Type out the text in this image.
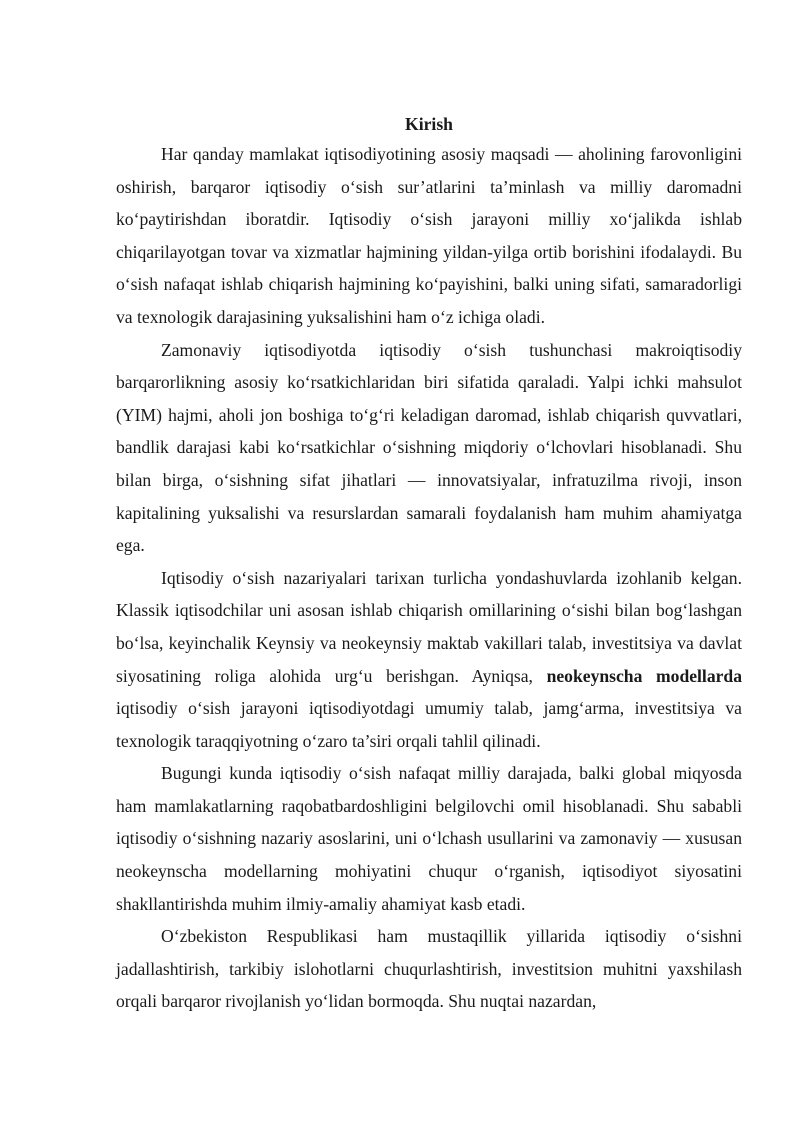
Kirish

Har qanday mamlakat iqtisodiyotining asosiy maqsadi — aholining farovonligini oshirish, barqaror iqtisodiy o‘sish sur’atlarini ta’minlash va milliy daromadni ko‘paytirishdan iboratdir. Iqtisodiy o‘sish jarayoni milliy xo‘jalikda ishlab chiqarilayotgan tovar va xizmatlar hajmining yildan-yilga ortib borishini ifodalaydi. Bu o‘sish nafaqat ishlab chiqarish hajmining ko‘payishini, balki uning sifati, samaradorligi va texnologik darajasining yuksalishini ham o‘z ichiga oladi.

Zamonaviy iqtisodiyotda iqtisodiy o‘sish tushunchasi makroiqtisodiy barqarorlikning asosiy ko‘rsatkichlaridan biri sifatida qaraladi. Yalpi ichki mahsulot (YIM) hajmi, aholi jon boshiga to‘g‘ri keladigan daromad, ishlab chiqarish quvvatlari, bandlik darajasi kabi ko‘rsatkichlar o‘sishning miqdoriy o‘lchovlari hisoblanadi. Shu bilan birga, o‘sishning sifat jihatlari — innovatsiyalar, infratuzilma rivoji, inson kapitalining yuksalishi va resurslardan samarali foydalanish ham muhim ahamiyatga ega.

Iqtisodiy o‘sish nazariyalari tarixan turlicha yondashuvlarda izohlanib kelgan. Klassik iqtisodchilar uni asosan ishlab chiqarish omillarining o‘sishi bilan bog‘lashgan bo‘lsa, keyinchalik Keynsiy va neokeynsiy maktab vakillari talab, investitsiya va davlat siyosatining roliga alohida urg‘u berishgan. Ayniqsa, neokeynscha modellarda iqtisodiy o‘sish jarayoni iqtisodiyotdagi umumiy talab, jamg‘arma, investitsiya va texnologik taraqqiyotning o‘zaro ta’siri orqali tahlil qilinadi.

Bugungi kunda iqtisodiy o‘sish nafaqat milliy darajada, balki global miqyosda ham mamlakatlarning raqobatbardoshligini belgilovchi omil hisoblanadi. Shu sababli iqtisodiy o‘sishning nazariy asoslarini, uni o‘lchash usullarini va zamonaviy — xususan neokeynscha modellarning mohiyatini chuqur o‘rganish, iqtisodiyot siyosatini shakllantirishda muhim ilmiy-amaliy ahamiyat kasb etadi.

O‘zbekiston Respublikasi ham mustaqillik yillarida iqtisodiy o‘sishni jadallashtirish, tarkibiy islohotlarni chuqurlashtirish, investitsion muhitni yaxshilash orqali barqaror rivojlanish yo‘lidan bormoqda. Shu nuqtai nazardan,
